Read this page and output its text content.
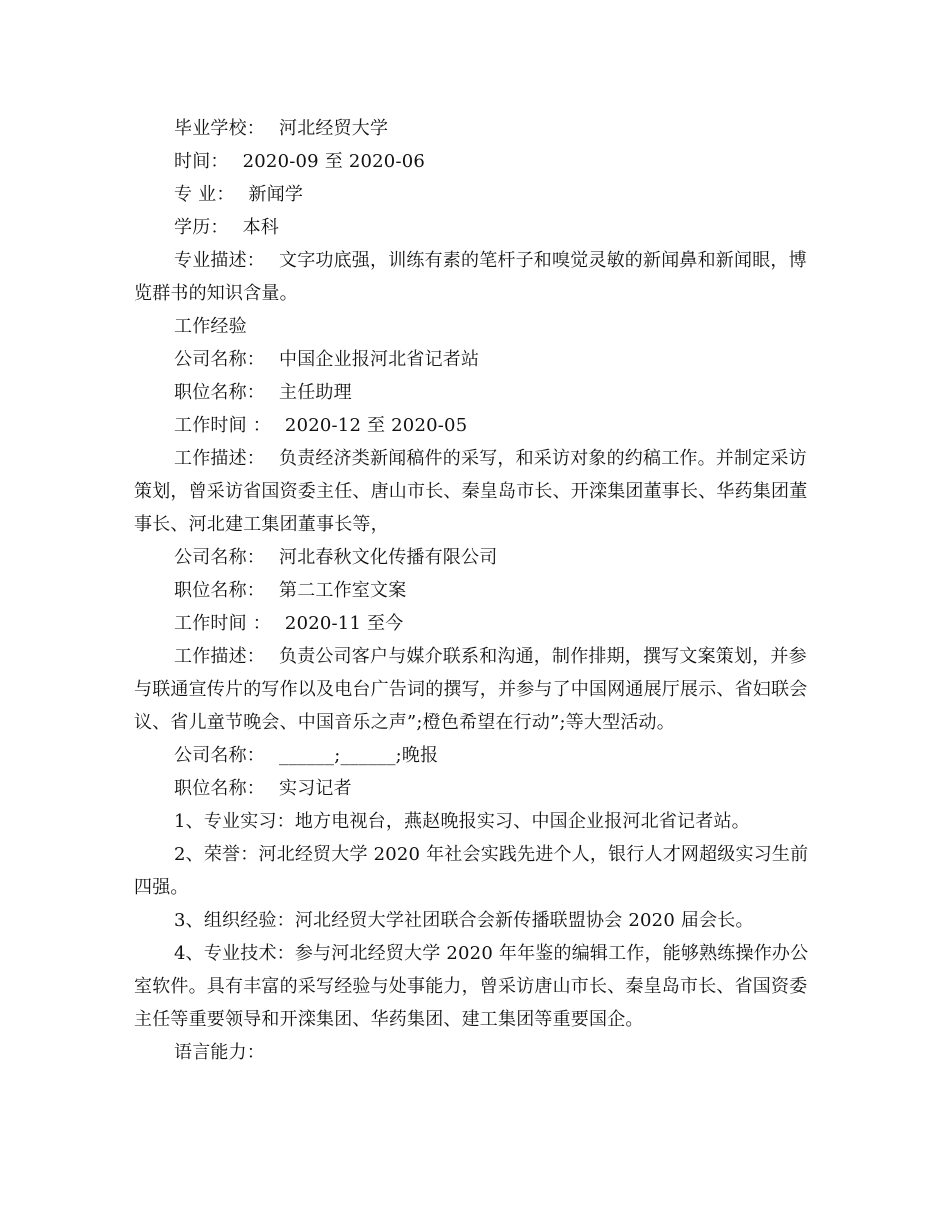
毕业学校： 河北经贸大学

时间： 2020-09 至 2020-06

专 业： 新闻学

学历： 本科

专业描述： 文字功底强，训练有素的笔杆子和嗅觉灵敏的新闻鼻和新闻眼，博览群书的知识含量。

工作经验

公司名称： 中国企业报河北省记者站

职位名称： 主任助理

工作时间 ： 2020-12 至 2020-05

工作描述： 负责经济类新闻稿件的采写，和采访对象的约稿工作。并制定采访策划，曾采访省国资委主任、唐山市长、秦皇岛市长、开滦集团董事长、华药集团董事长、河北建工集团董事长等，

公司名称： 河北春秋文化传播有限公司

职位名称： 第二工作室文案

工作时间 ： 2020-11 至今

工作描述： 负责公司客户与媒介联系和沟通，制作排期，撰写文案策划，并参与联通宣传片的写作以及电台广告词的撰写，并参与了中国网通展厅展示、省妇联会议、省儿童节晚会、中国音乐之声”;橙色希望在行动”;等大型活动。

公司名称： ______;______;晚报

职位名称： 实习记者

1、专业实习：地方电视台，燕赵晚报实习、中国企业报河北省记者站。

2、荣誉：河北经贸大学 2020 年社会实践先进个人，银行人才网超级实习生前四强。

3、组织经验：河北经贸大学社团联合会新传播联盟协会 2020 届会长。

4、专业技术：参与河北经贸大学 2020 年年鉴的编辑工作，能够熟练操作办公室软件。具有丰富的采写经验与处事能力，曾采访唐山市长、秦皇岛市长、省国资委主任等重要领导和开滦集团、华药集团、建工集团等重要国企。

语言能力：
